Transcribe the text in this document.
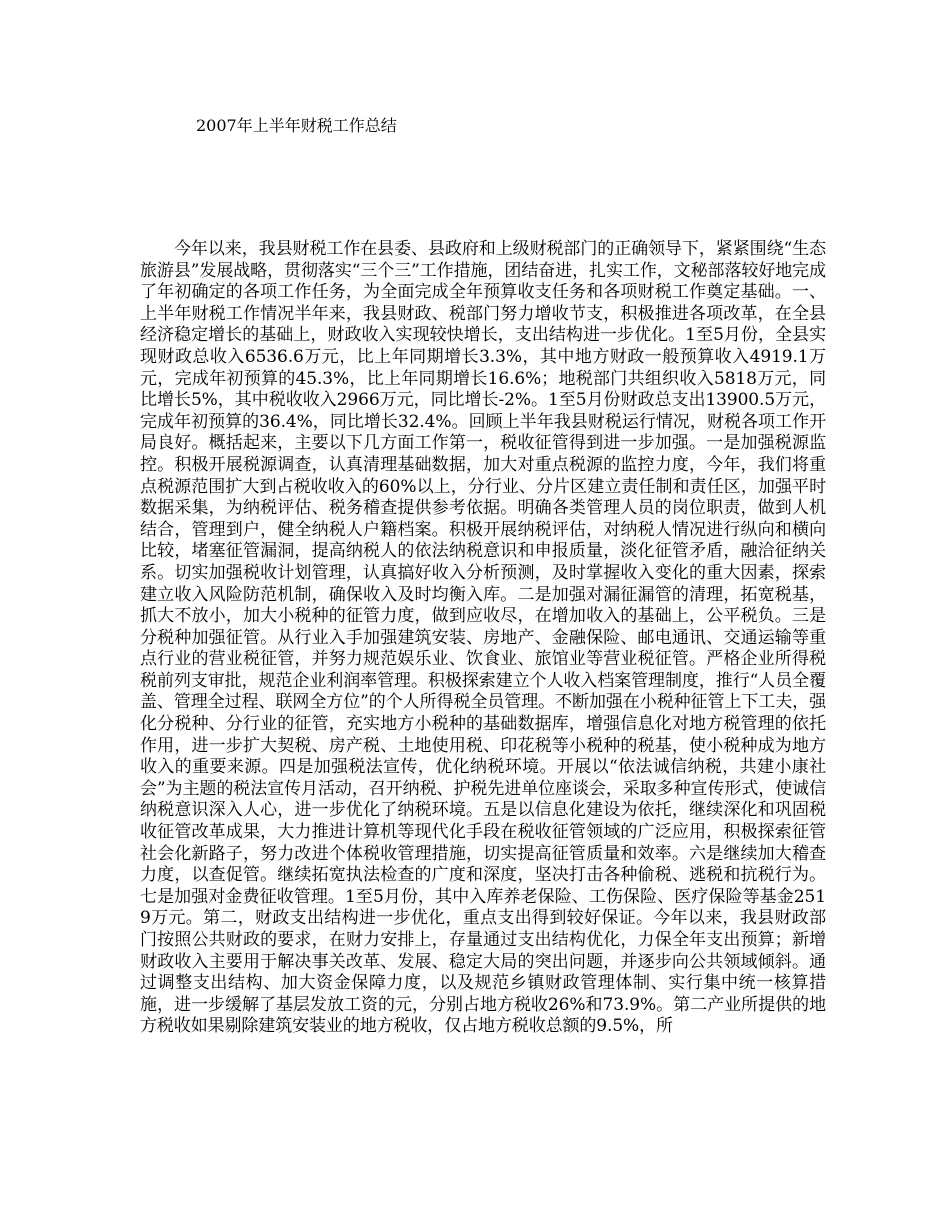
2007年上半年财税工作总结

今年以来，我县财税工作在县委、县政府和上级财税部门的正确领导下，紧紧围绕“生态旅游县”发展战略，贯彻落实“三个三”工作措施，团结奋进，扎实工作，文秘部落较好地完成了年初确定的各项工作任务，为全面完成全年预算收支任务和各项财税工作奠定基础。一、上半年财税工作情况半年来，我县财政、税部门努力增收节支，积极推进各项改革，在全县经济稳定增长的基础上，财政收入实现较快增长，支出结构进一步优化。1至5月份，全县实现财政总收入6536.6万元，比上年同期增长3.3%，其中地方财政一般预算收入4919.1万元，完成年初预算的45.3%，比上年同期增长16.6%；地税部门共组织收入5818万元，同比增长5%，其中税收收入2966万元，同比增长-2%。1至5月份财政总支出13900.5万元，完成年初预算的36.4%，同比增长32.4%。回顾上半年我县财税运行情况，财税各项工作开局良好。概括起来，主要以下几方面工作第一，税收征管得到进一步加强。一是加强税源监控。积极开展税源调查，认真清理基础数据，加大对重点税源的监控力度，今年，我们将重点税源范围扩大到占税收收入的60%以上，分行业、分片区建立责任制和责任区，加强平时数据采集，为纳税评估、税务稽查提供参考依据。明确各类管理人员的岗位职责，做到人机结合，管理到户，健全纳税人户籍档案。积极开展纳税评估，对纳税人情况进行纵向和横向比较，堵塞征管漏洞，提高纳税人的依法纳税意识和申报质量，淡化征管矛盾，融洽征纳关系。切实加强税收计划管理，认真搞好收入分析预测，及时掌握收入变化的重大因素，探索建立收入风险防范机制，确保收入及时均衡入库。二是加强对漏征漏管的清理，拓宽税基，抓大不放小，加大小税种的征管力度，做到应收尽，在增加收入的基础上，公平税负。三是分税种加强征管。从行业入手加强建筑安装、房地产、金融保险、邮电通讯、交通运输等重点行业的营业税征管，并努力规范娱乐业、饮食业、旅馆业等营业税征管。严格企业所得税税前列支审批，规范企业利润率管理。积极探索建立个人收入档案管理制度，推行“人员全覆盖、管理全过程、联网全方位”的个人所得税全员管理。不断加强在小税种征管上下工夫，强化分税种、分行业的征管，充实地方小税种的基础数据库，增强信息化对地方税管理的依托作用，进一步扩大契税、房产税、土地使用税、印花税等小税种的税基，使小税种成为地方收入的重要来源。四是加强税法宣传，优化纳税环境。开展以“依法诚信纳税，共建小康社会”为主题的税法宣传月活动，召开纳税、护税先进单位座谈会，采取多种宣传形式，使诚信纳税意识深入人心，进一步优化了纳税环境。五是以信息化建设为依托，继续深化和巩固税收征管改革成果，大力推进计算机等现代化手段在税收征管领域的广泛应用，积极探索征管社会化新路子，努力改进个体税收管理措施，切实提高征管质量和效率。六是继续加大稽查力度，以查促管。继续拓宽执法检查的广度和深度，坚决打击各种偷税、逃税和抗税行为。七是加强对金费征收管理。1至5月份，其中入库养老保险、工伤保险、医疗保险等基金2519万元。第二，财政支出结构进一步优化，重点支出得到较好保证。今年以来，我县财政部门按照公共财政的要求，在财力安排上，存量通过支出结构优化，力保全年支出预算；新增财政收入主要用于解决事关改革、发展、稳定大局的突出问题，并逐步向公共领域倾斜。通过调整支出结构、加大资金保障力度，以及规范乡镇财政管理体制、实行集中统一核算措施，进一步缓解了基层发放工资的元，分别占地方税收26%和73.9%。第二产业所提供的地方税收如果剔除建筑安装业的地方税收，仅占地方税收总额的9.5%，所
